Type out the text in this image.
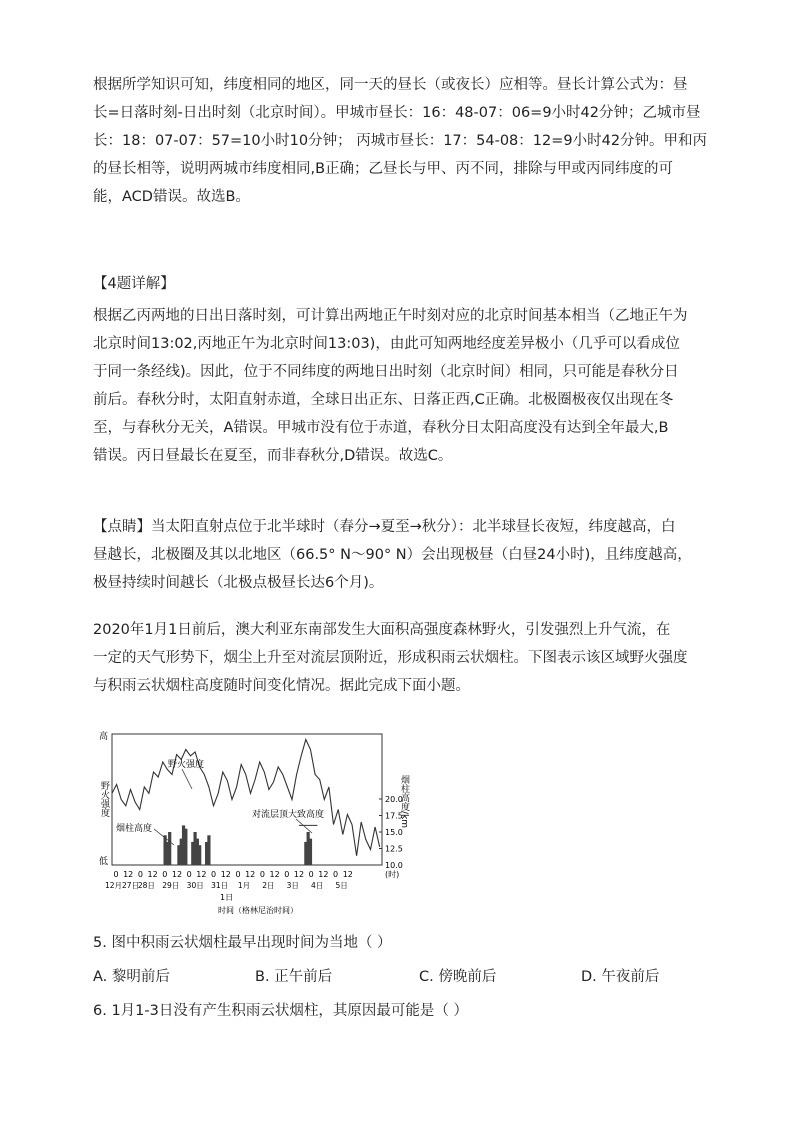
根据所学知识可知，纬度相同的地区，同一天的昼长（或夜长）应相等。昼长计算公式为：昼
长=日落时刻-日出时刻（北京时间）。甲城市昼长：16：48-07：06=9小时42分钟；乙城市昼
长：18：07-07：57=10小时10分钟； 丙城市昼长：17：54-08：12=9小时42分钟。甲和丙
的昼长相等，说明两城市纬度相同,B正确；乙昼长与甲、丙不同，排除与甲或丙同纬度的可
能，ACD错误。故选B。
【4题详解】
根据乙丙两地的日出日落时刻，可计算出两地正午时刻对应的北京时间基本相当（乙地正午为
北京时间13:02,丙地正午为北京时间13:03)，由此可知两地经度差异极小（几乎可以看成位
于同一条经线)。因此，位于不同纬度的两地日出时刻（北京时间）相同，只可能是春秋分日
前后。春秋分时，太阳直射赤道，全球日出正东、日落正西,C正确。北极圈极夜仅出现在冬
至，与春秋分无关，A错误。甲城市没有位于赤道，春秋分日太阳高度没有达到全年最大,B
错误。丙日昼最长在夏至，而非春秋分,D错误。故选C。
【点睛】当太阳直射点位于北半球时（春分→夏至→秋分）：北半球昼长夜短，纬度越高，白
昼越长，北极圈及其以北地区（66.5° N～90° N）会出现极昼（白昼24小时)，且纬度越高，
极昼持续时间越长（北极点极昼长达6个月)。
2020年1月1日前后，澳大利亚东南部发生大面积高强度森林野火，引发强烈上升气流，在
一定的天气形势下，烟尘上升至对流层顶附近，形成积雨云状烟柱。下图表示该区域野火强度
与积雨云状烟柱高度随时间变化情况。据此完成下面小题。
高
低
野火强度	烟柱高度/km
20.0
17.5
15.0
12.5
10.0
野火强度
烟柱高度
对流层顶大致高度
0 12 0 12 0 12 0 12 0 12 0 12 0 12 0 12 0 12 0 12
12月27日
28日 29日 30日 31日 1月 2日 3日 4日 5日
(时)
1日
时间（格林尼治时间）
5. 图中积雨云状烟柱最早出现时间为当地（ ）
A. 黎明前后	B. 正午前后	C. 傍晚前后	D. 午夜前后
6. 1月1-3日没有产生积雨云状烟柱，其原因最可能是（ ）
